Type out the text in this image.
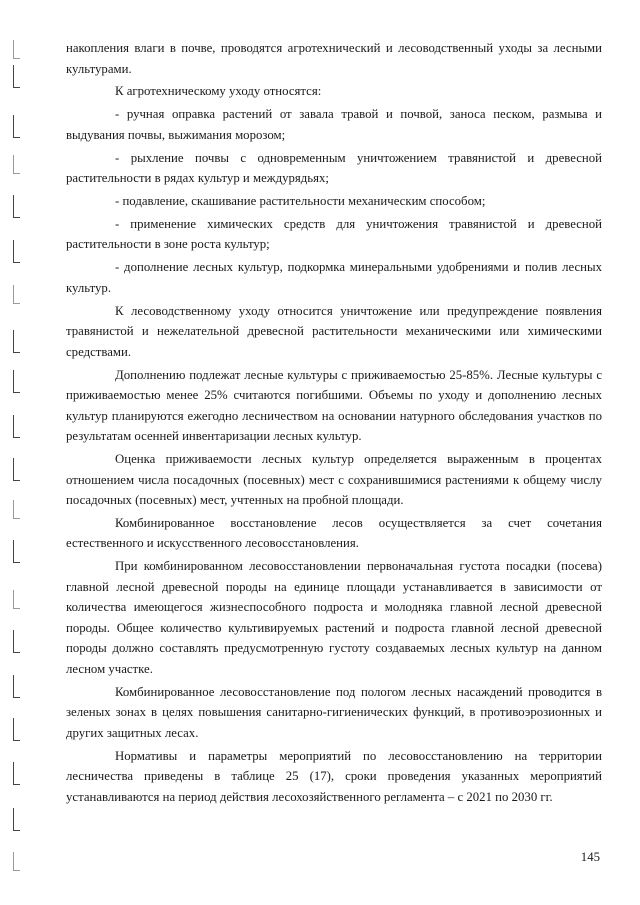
накопления влаги в почве, проводятся агротехнический и лесоводственный уходы за лесными культурами.

К агротехническому уходу относятся:

- ручная оправка растений от завала травой и почвой, заноса песком, размыва и выдувания почвы, выжимания морозом;

- рыхление почвы с одновременным уничтожением травянистой и древесной растительности в рядах культур и междурядьях;

- подавление, скашивание растительности механическим способом;

- применение химических средств для уничтожения травянистой и древесной растительности в зоне роста культур;

- дополнение лесных культур, подкормка минеральными удобрениями и полив лесных культур.

К лесоводственному уходу относится уничтожение или предупреждение появления травянистой и нежелательной древесной растительности механическими или химическими средствами.

Дополнению подлежат лесные культуры с приживаемостью 25-85%. Лесные культуры с приживаемостью менее 25% считаются погибшими. Объемы по уходу и дополнению лесных культур планируются ежегодно лесничеством на основании натурного обследования участков по результатам осенней инвентаризации лесных культур.

Оценка приживаемости лесных культур определяется выраженным в процентах отношением числа посадочных (посевных) мест с сохранившимися растениями к общему числу посадочных (посевных) мест, учтенных на пробной площади.

Комбинированное восстановление лесов осуществляется за счет сочетания естественного и искусственного лесовосстановления.

При комбинированном лесовосстановлении первоначальная густота посадки (посева) главной лесной древесной породы на единице площади устанавливается в зависимости от количества имеющегося жизнеспособного подроста и молодняка главной лесной древесной породы. Общее количество культивируемых растений и подроста главной лесной древесной породы должно составлять предусмотренную густоту создаваемых лесных культур на данном лесном участке.

Комбинированное лесовосстановление под пологом лесных насаждений проводится в зеленых зонах в целях повышения санитарно-гигиенических функций, в противоэрозионных и других защитных лесах.

Нормативы и параметры мероприятий по лесовосстановлению на территории лесничества приведены в таблице 25 (17), сроки проведения указанных мероприятий устанавливаются на период действия лесохозяйственного регламента – с 2021 по 2030 гг.

145
